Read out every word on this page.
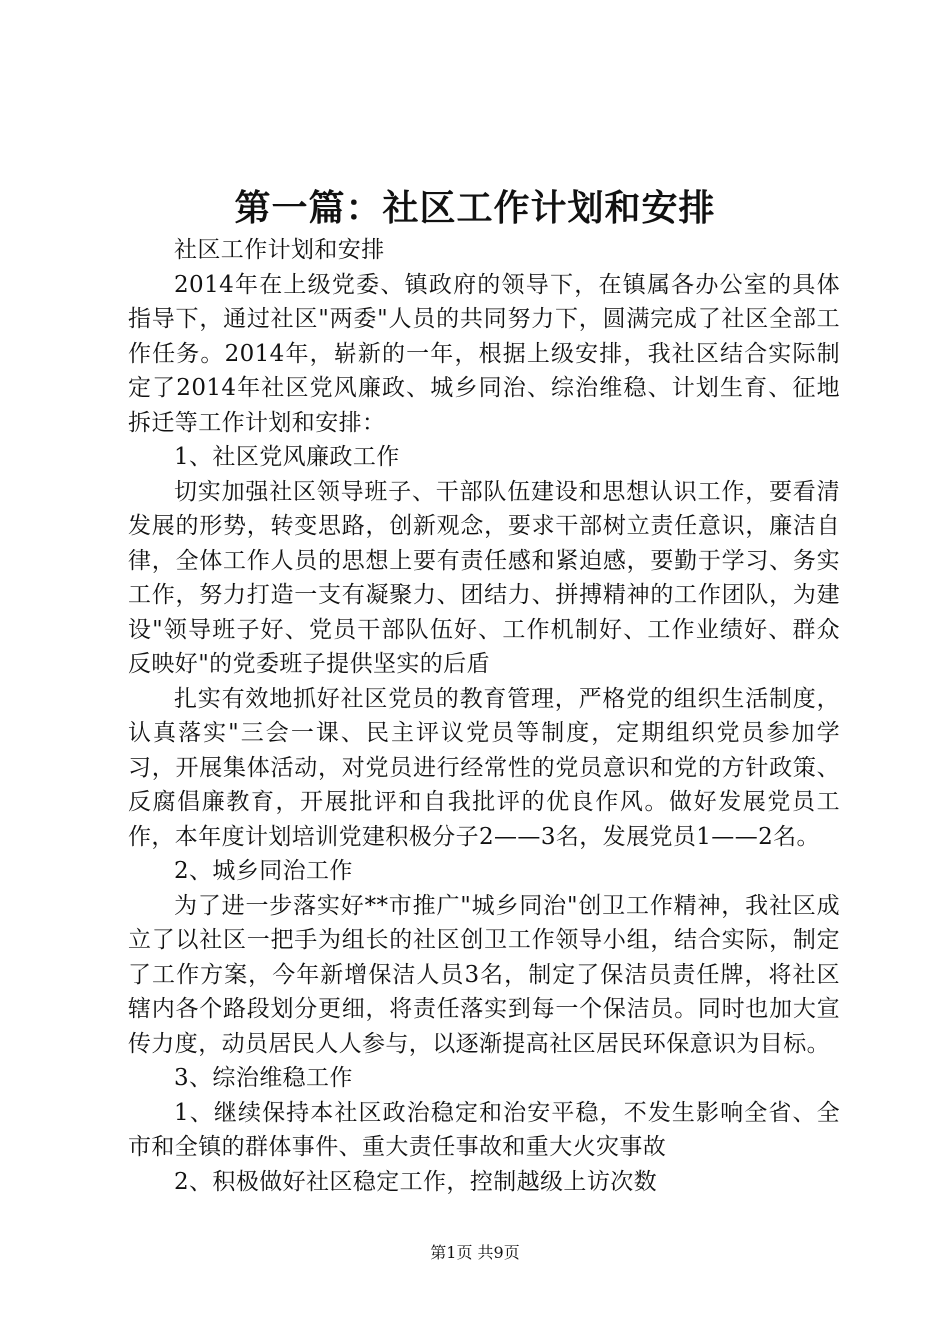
第一篇：社区工作计划和安排

社区工作计划和安排

2014年在上级党委、镇政府的领导下，在镇属各办公室的具体指导下，通过社区"两委"人员的共同努力下，圆满完成了社区全部工作任务。2014年，崭新的一年，根据上级安排，我社区结合实际制定了2014年社区党风廉政、城乡同治、综治维稳、计划生育、征地拆迁等工作计划和安排：

1、社区党风廉政工作

切实加强社区领导班子、干部队伍建设和思想认识工作，要看清发展的形势，转变思路，创新观念，要求干部树立责任意识，廉洁自律，全体工作人员的思想上要有责任感和紧迫感，要勤于学习、务实工作，努力打造一支有凝聚力、团结力、拼搏精神的工作团队，为建设"领导班子好、党员干部队伍好、工作机制好、工作业绩好、群众反映好"的党委班子提供坚实的后盾

扎实有效地抓好社区党员的教育管理，严格党的组织生活制度，认真落实"三会一课、民主评议党员等制度，定期组织党员参加学习，开展集体活动，对党员进行经常性的党员意识和党的方针政策、反腐倡廉教育，开展批评和自我批评的优良作风。做好发展党员工作，本年度计划培训党建积极分子2——3名，发展党员1——2名。

2、城乡同治工作

为了进一步落实好**市推广"城乡同治"创卫工作精神，我社区成立了以社区一把手为组长的社区创卫工作领导小组，结合实际，制定了工作方案，今年新增保洁人员3名，制定了保洁员责任牌，将社区辖内各个路段划分更细，将责任落实到每一个保洁员。同时也加大宣传力度，动员居民人人参与，以逐渐提高社区居民环保意识为目标。

3、综治维稳工作

1、继续保持本社区政治稳定和治安平稳，不发生影响全省、全市和全镇的群体事件、重大责任事故和重大火灾事故

2、积极做好社区稳定工作，控制越级上访次数

第1页 共9页
